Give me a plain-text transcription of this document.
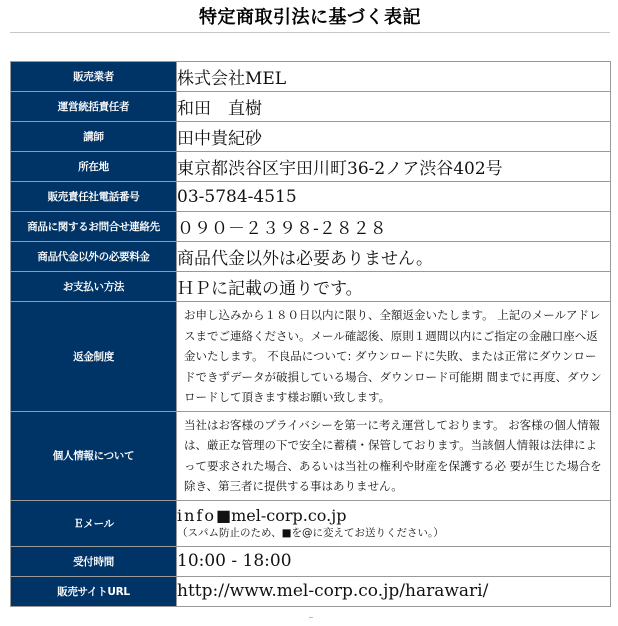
特定商取引法に基づく表記
販売業者	株式会社MEL
運営統括責任者	和田　直樹
講師	田中貴紀砂
所在地	東京都渋谷区宇田川町36-2ノア渋谷402号
販売責任社電話番号	03-5784-4515
商品に関するお問合せ連絡先	０９０－２３９８-２８２８
商品代金以外の必要料金	商品代金以外は必要ありません。
お支払い方法	ＨＰに記載の通りです。
返金制度	お申し込みから１８０日以内に限り、全額返金いたします。 上記のメールアドレスまでご連絡ください。メール確認後、原則１週間以内にご指定の金融口座へ返金いたします。 不良品について: ダウンロードに失敗、または正常にダウンロードできずデータが破損している場合、ダウンロード可能期 間までに再度、ダウンロードして頂きます様お願い致します。
個人情報について	当社はお客様のプライバシーを第一に考え運営しております。 お客様の個人情報は、厳正な管理の下で安全に蓄積・保管しております。当該個人情報は法律によって要求された場合、あるいは当社の権利や財産を保護する必 要が生じた場合を除き、第三者に提供する事はありません。
Ｅメール	info■mel-corp.co.jp
（スパム防止のため、■を@に変えてお送りください。）

受付時間	10:00 - 18:00
販売サイトURL	http://www.mel-corp.co.jp/harawari/
